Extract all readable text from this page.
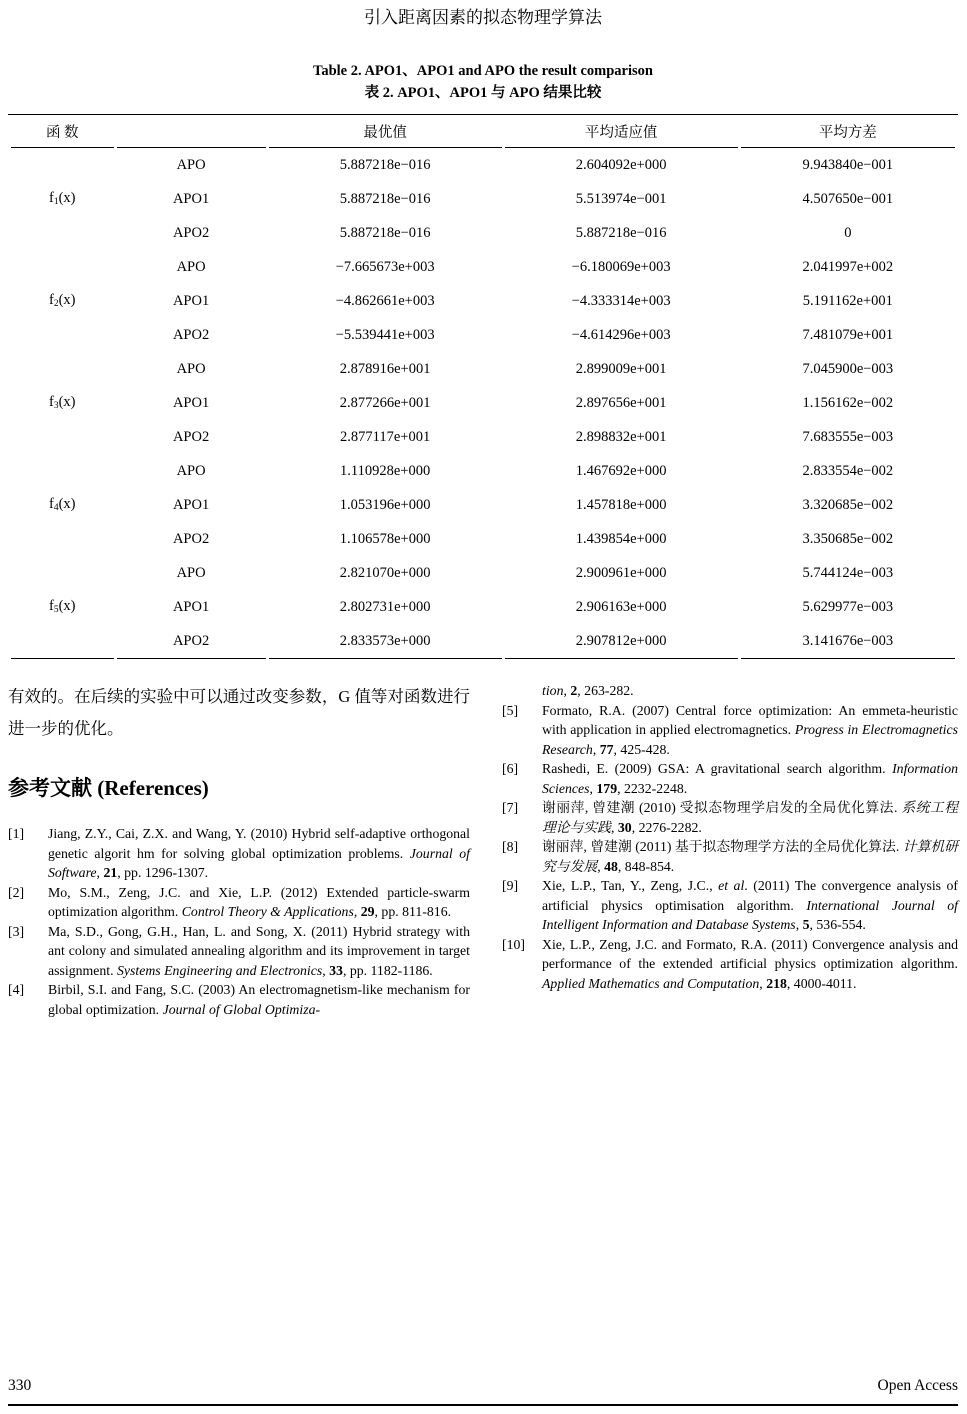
引入距离因素的拟态物理学算法
Table 2. APO1、APO1 and APO the result comparison
表 2. APO1、APO1 与 APO 结果比较
函 数		最优值	平均适应值	平均方差
f1(x)	APO	5.887218e−016	2.604092e+000	9.943840e−001
	APO1	5.887218e−016	5.513974e−001	4.507650e−001
	APO2	5.887218e−016	5.887218e−016	0
f2(x)	APO	−7.665673e+003	−6.180069e+003	2.041997e+002
	APO1	−4.862661e+003	−4.333314e+003	5.191162e+001
	APO2	−5.539441e+003	−4.614296e+003	7.481079e+001
f3(x)	APO	2.878916e+001	2.899009e+001	7.045900e−003
	APO1	2.877266e+001	2.897656e+001	1.156162e−002
	APO2	2.877117e+001	2.898832e+001	7.683555e−003
f4(x)	APO	1.110928e+000	1.467692e+000	2.833554e−002
	APO1	1.053196e+000	1.457818e+000	3.320685e−002
	APO2	1.106578e+000	1.439854e+000	3.350685e−002
f5(x)	APO	2.821070e+000	2.900961e+000	5.744124e−003
	APO1	2.802731e+000	2.906163e+000	5.629977e−003
	APO2	2.833573e+000	2.907812e+000	3.141676e−003
有效的。在后续的实验中可以通过改变参数，G 值等对函数进行进一步的优化。
参考文献 (References)
[1] Jiang, Z.Y., Cai, Z.X. and Wang, Y. (2010) Hybrid self-adaptive orthogonal genetic algorit hm for solving global optimization problems. Journal of Software, 21, pp. 1296-1307.
[2] Mo, S.M., Zeng, J.C. and Xie, L.P. (2012) Extended particle-swarm optimization algorithm. Control Theory & Applications, 29, pp. 811-816.
[3] Ma, S.D., Gong, G.H., Han, L. and Song, X. (2011) Hybrid strategy with ant colony and simulated annealing algorithm and its improvement in target assignment. Systems Engineering and Electronics, 33, pp. 1182-1186.
[4] Birbil, S.I. and Fang, S.C. (2003) An electromagnetism-like mechanism for global optimization. Journal of Global Optimiza-
tion, 2, 263-282.
[5] Formato, R.A. (2007) Central force optimization: An emmeta-heuristic with application in applied electromagnetics. Progress in Electromagnetics Research, 77, 425-428.
[6] Rashedi, E. (2009) GSA: A gravitational search algorithm. Information Sciences, 179, 2232-2248.
[7] 谢丽萍, 曾建潮 (2010) 受拟态物理学启发的全局优化算法. 系统工程理论与实践, 30, 2276-2282.
[8] 谢丽萍, 曾建潮 (2011) 基于拟态物理学方法的全局优化算法. 计算机研究与发展, 48, 848-854.
[9] Xie, L.P., Tan, Y., Zeng, J.C., et al. (2011) The convergence analysis of artificial physics optimisation algorithm. International Journal of Intelligent Information and Database Systems, 5, 536-554.
[10] Xie, L.P., Zeng, J.C. and Formato, R.A. (2011) Convergence analysis and performance of the extended artificial physics optimization algorithm. Applied Mathematics and Computation, 218, 4000-4011.
330	Open Access
